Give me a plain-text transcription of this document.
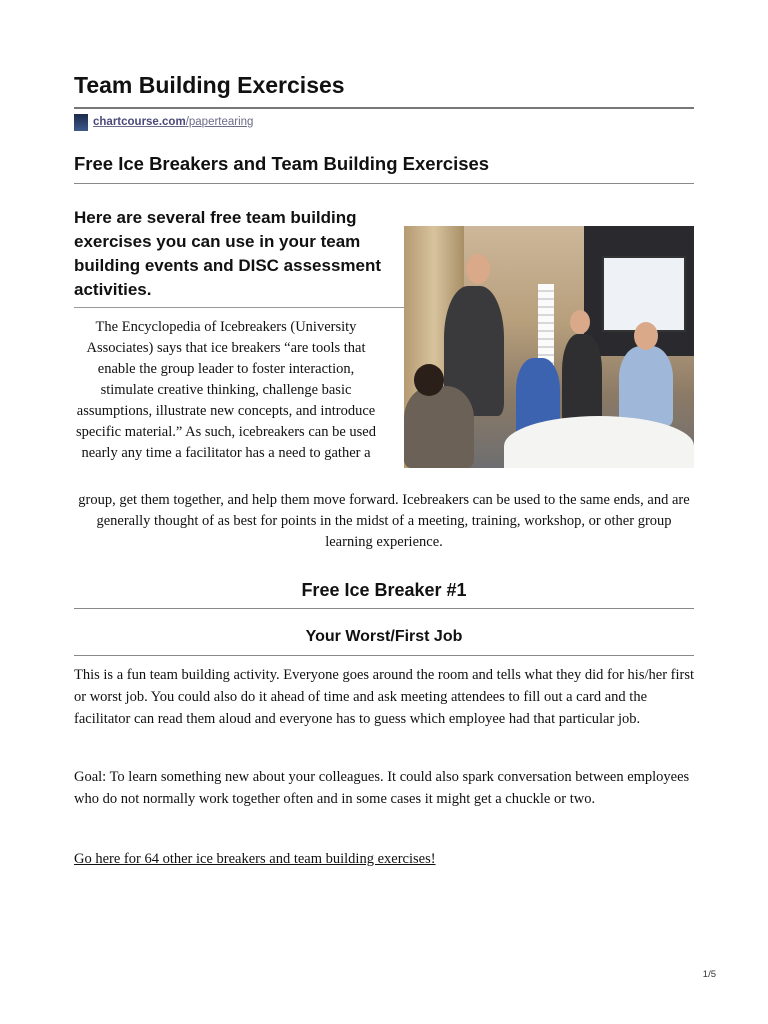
Team Building Exercises
chartcourse.com/papertearing
Free Ice Breakers and Team Building Exercises

Here are several free team building exercises you can use in your team building events and DISC assessment activities.

The Encyclopedia of Icebreakers (University Associates) says that ice breakers “are tools that enable the group leader to foster interaction, stimulate creative thinking, challenge basic assumptions, illustrate new concepts, and introduce specific material.” As such, icebreakers can be used nearly any time a facilitator has a need to gather a

group, get them together, and help them move forward. Icebreakers can be used to the same ends, and are generally thought of as best for points in the midst of a meeting, training, workshop, or other group learning experience.

Free Ice Breaker #1
Your Worst/First Job

This is a fun team building activity. Everyone goes around the room and tells what they did for his/her first or worst job. You could also do it ahead of time and ask meeting attendees to fill out a card and the facilitator can read them aloud and everyone has to guess which employee had that particular job.

Goal: To learn something new about your colleagues. It could also spark conversation between employees who do not normally work together often and in some cases it might get a chuckle or two.

Go here for 64 other ice breakers and team building exercises!
1/5
